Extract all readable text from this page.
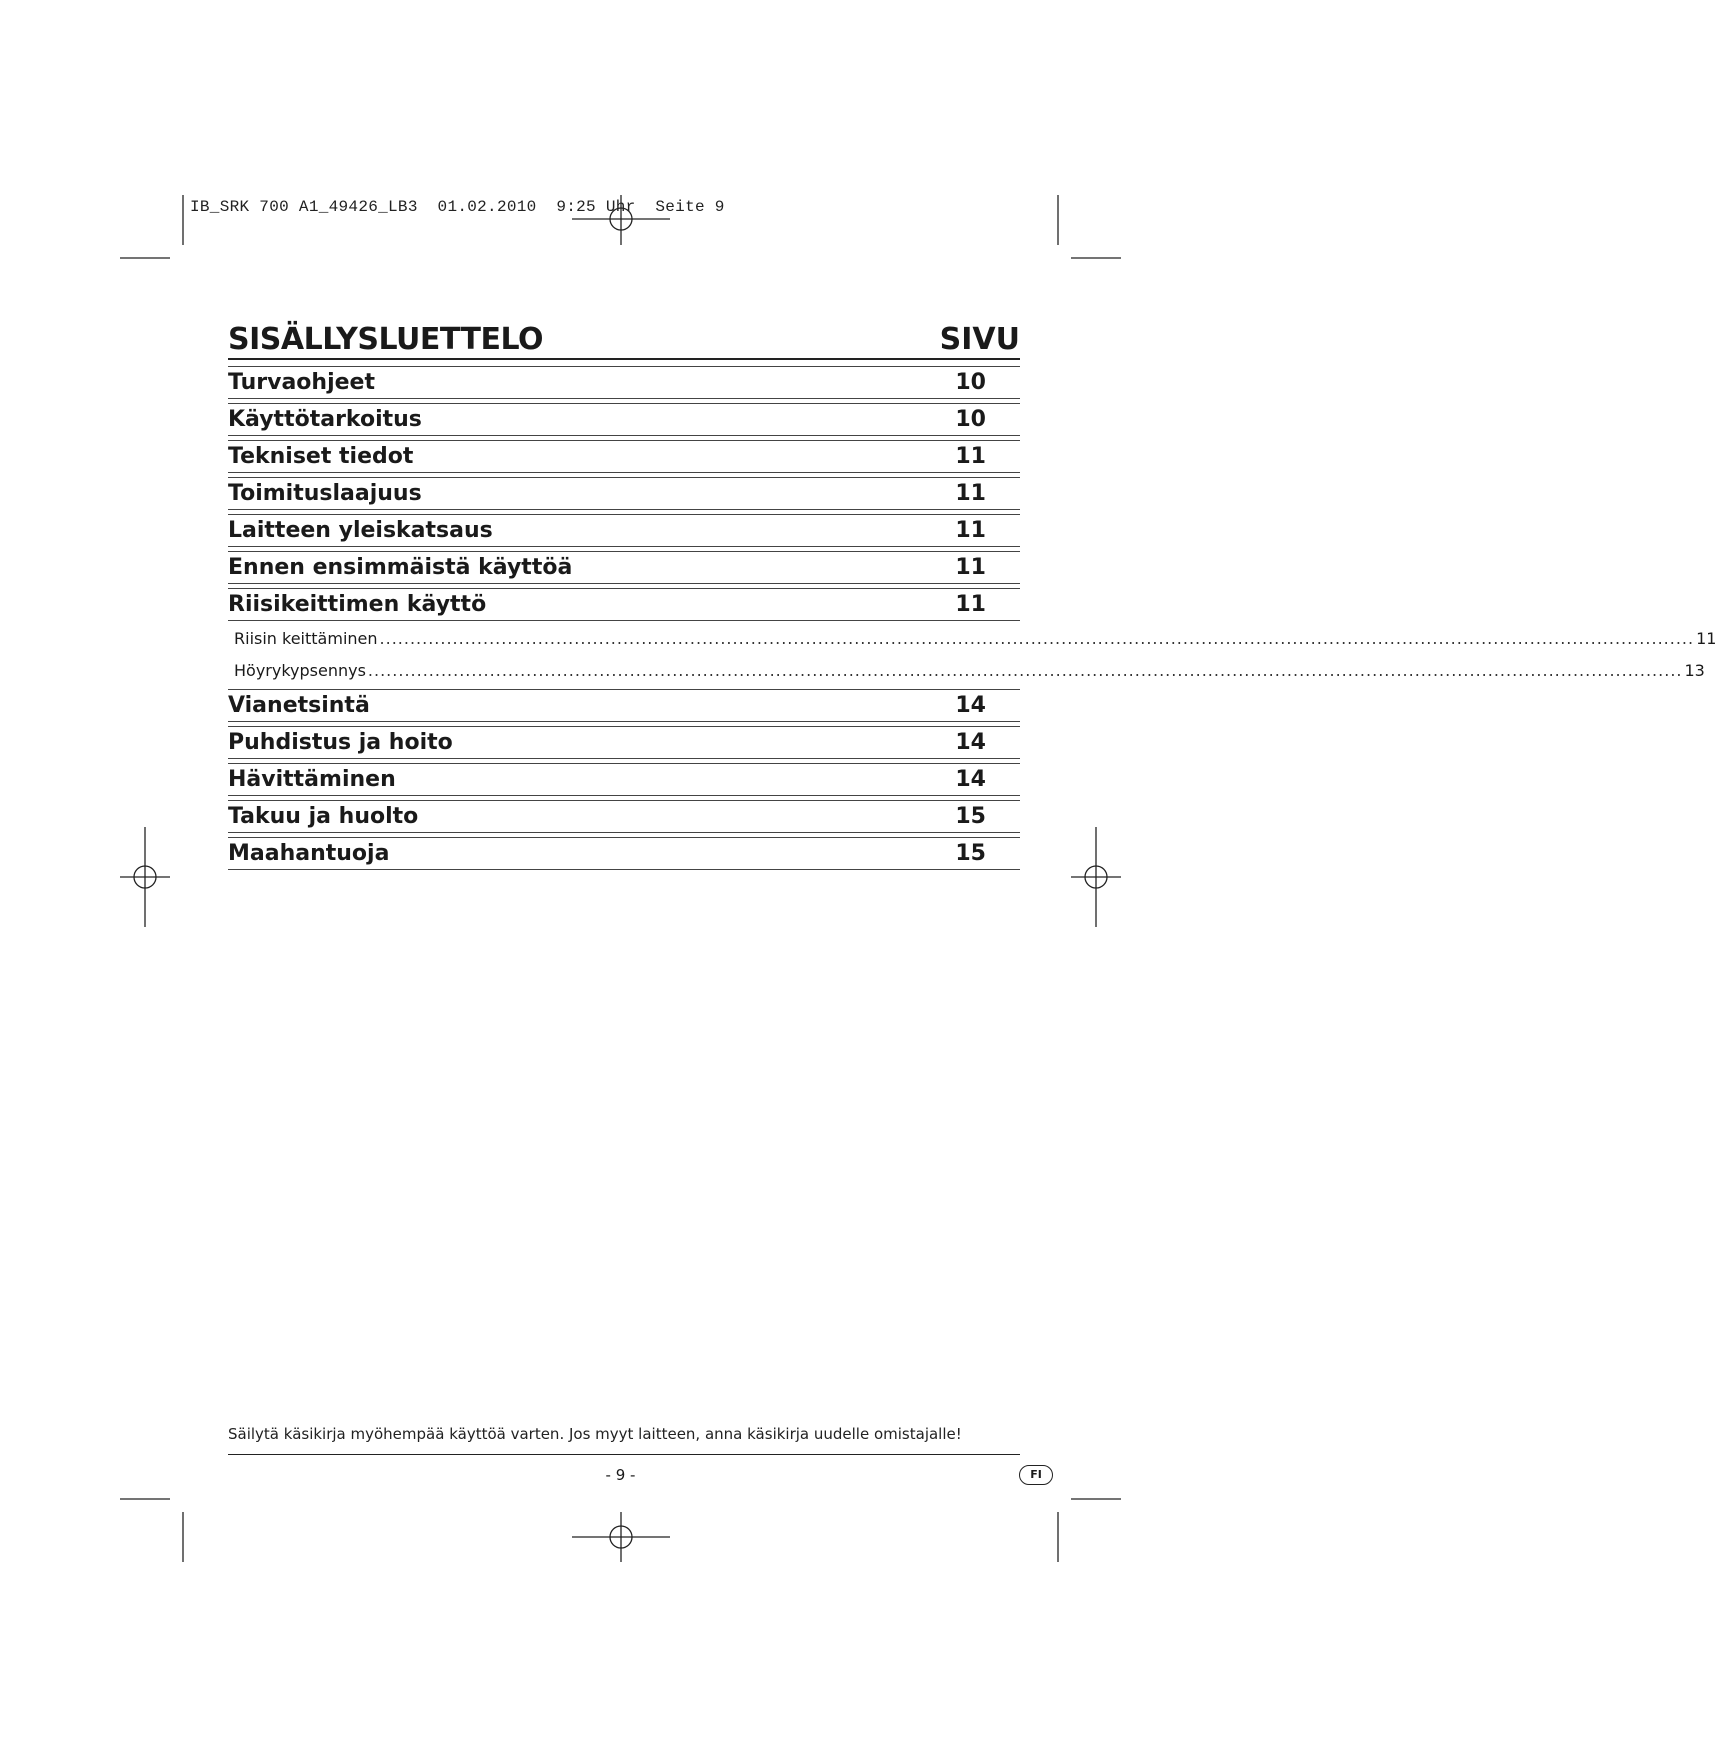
IB_SRK 700 A1_49426_LB3  01.02.2010  9:25 Uhr  Seite 9
SISÄLLYSLUETTELO	SIVU
Turvaohjeet	10
Käyttötarkoitus	10
Tekniset tiedot	11
Toimituslaajuus	11
Laitteen yleiskatsaus	11
Ennen ensimmäistä käyttöä	11
Riisikeittimen käyttö	11
Riisin keittäminen ........................................................................................................................................................................................................................ 11
Höyrykypsennys ........................................................................................................................................................................................................................ 13
Vianetsintä	14
Puhdistus ja hoito	14
Hävittäminen	14
Takuu ja huolto	15
Maahantuoja	15
Säilytä käsikirja myöhempää käyttöä varten. Jos myyt laitteen, anna käsikirja uudelle omistajalle!
- 9 -	FI
